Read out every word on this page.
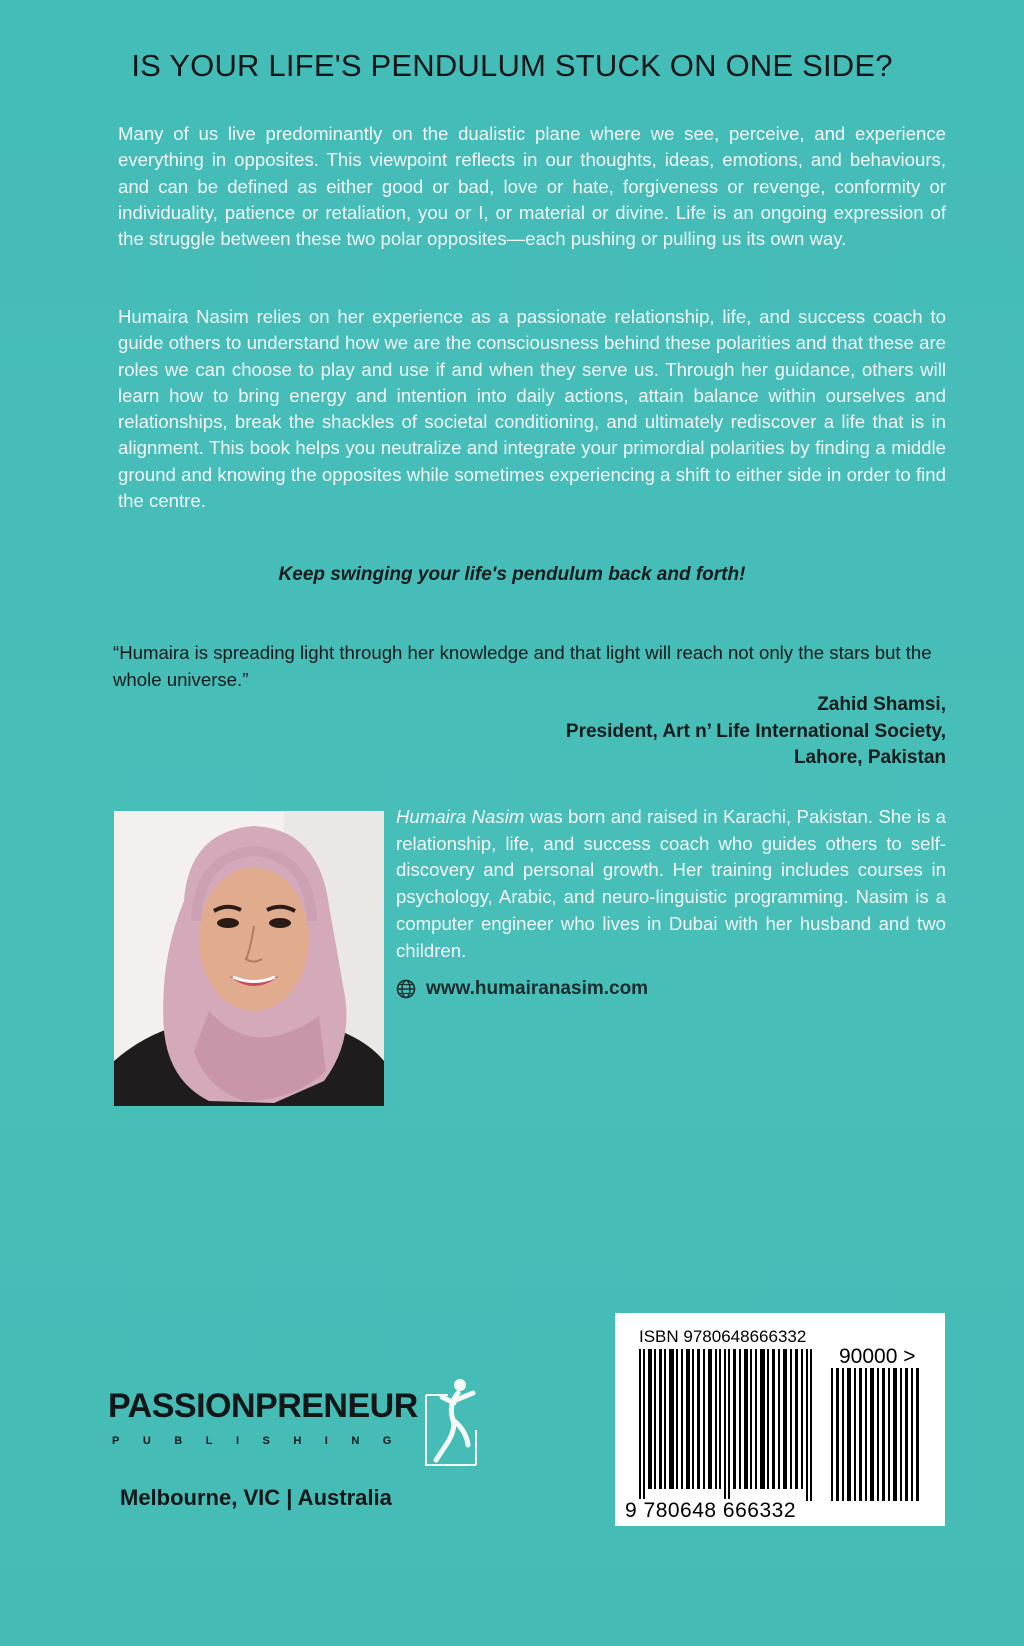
IS YOUR LIFE'S PENDULUM STUCK ON ONE SIDE?

Many of us live predominantly on the dualistic plane where we see, perceive, and experience everything in opposites. This viewpoint reflects in our thoughts, ideas, emotions, and behaviours, and can be defined as either good or bad, love or hate, forgiveness or revenge, conformity or individuality, patience or retaliation, you or I, or material or divine. Life is an ongoing expression of the struggle between these two polar opposites—each pushing or pulling us its own way.

Humaira Nasim relies on her experience as a passionate relationship, life, and success coach to guide others to understand how we are the consciousness behind these polarities and that these are roles we can choose to play and use if and when they serve us. Through her guidance, others will learn how to bring energy and intention into daily actions, attain balance within ourselves and relationships, break the shackles of societal conditioning, and ultimately rediscover a life that is in alignment. This book helps you neutralize and integrate your primordial polarities by finding a middle ground and knowing the opposites while sometimes experiencing a shift to either side in order to find the centre.

Keep swinging your life's pendulum back and forth!
“Humaira is spreading light through her knowledge and that light will reach not only the stars but the whole universe.”
Zahid Shamsi,
President, Art n’ Life International Society,
Lahore, Pakistan

Humaira Nasim was born and raised in Karachi, Pakistan. She is a relationship, life, and success coach who guides others to self-discovery and personal growth. Her training includes courses in psychology, Arabic, and neuro-linguistic programming. Nasim is a computer engineer who lives in Dubai with her husband and two children.

www.humairanasim.com
PASSIONPRENEUR
PUBLISHING
Melbourne, VIC | Australia
ISBN 9780648666332
90000 >
9 780648 666332
